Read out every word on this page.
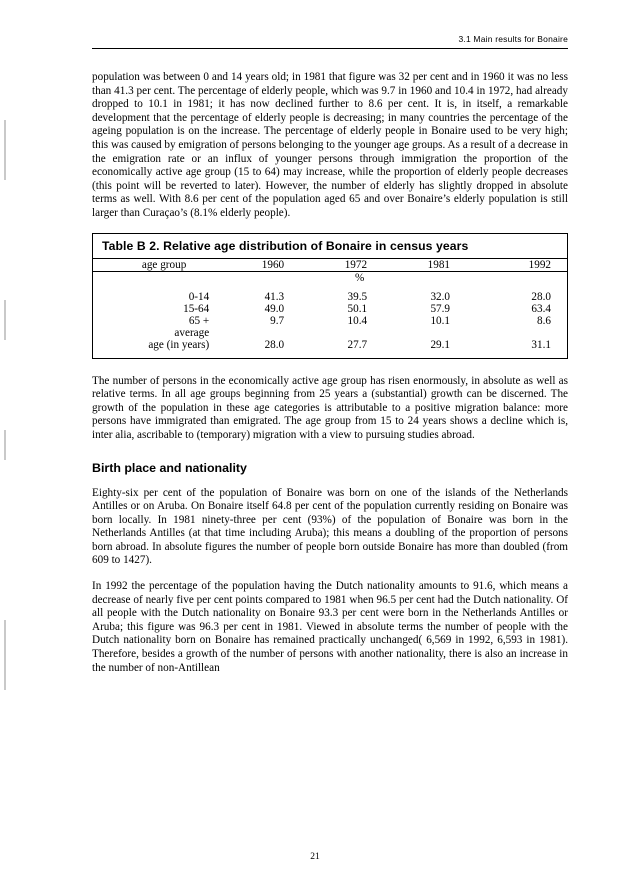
3.1 Main results for Bonaire

population was between 0 and 14 years old; in 1981 that figure was 32 per cent and in 1960 it was no less than 41.3 per cent. The percentage of elderly people, which was 9.7 in 1960 and 10.4 in 1972, had already dropped to 10.1 in 1981; it has now declined further to 8.6 per cent. It is, in itself, a remarkable development that the percentage of elderly people is decreasing; in many countries the percentage of the ageing population is on the increase. The percentage of elderly people in Bonaire used to be very high; this was caused by emigration of persons belonging to the younger age groups. As a result of a decrease in the emigration rate or an influx of younger persons through immigration the proportion of the economically active age group (15 to 64) may increase, while the proportion of elderly people decreases (this point will be reverted to later). However, the number of elderly has slightly dropped in absolute terms as well. With 8.6 per cent of the population aged 65 and over Bonaire’s elderly population is still larger than Curaçao’s (8.1% elderly people).

Table B 2. Relative age distribution of Bonaire in census years
age group	1960	1972	1981	1992
	%			

0-14	41.3	39.5	32.0	28.0
15-64	49.0	50.1	57.9	63.4
65 +	9.7	10.4	10.1	8.6
average				
age (in years)	28.0	27.7	29.1	31.1

The number of persons in the economically active age group has risen enormously, in absolute as well as relative terms. In all age groups beginning from 25 years a (substantial) growth can be discerned. The growth of the population in these age categories is attributable to a positive migration balance: more persons have immigrated than emigrated. The age group from 15 to 24 years shows a decline which is, inter alia, ascribable to (temporary) migration with a view to pursuing studies abroad.

Birth place and nationality

Eighty-six per cent of the population of Bonaire was born on one of the islands of the Netherlands Antilles or on Aruba. On Bonaire itself 64.8 per cent of the population currently residing on Bonaire was born locally. In 1981 ninety-three per cent (93%) of the population of Bonaire was born in the Netherlands Antilles (at that time including Aruba); this means a doubling of the proportion of persons born abroad. In absolute figures the number of people born outside Bonaire has more than doubled (from 609 to 1427).

In 1992 the percentage of the population having the Dutch nationality amounts to 91.6, which means a decrease of nearly five per cent points compared to 1981 when 96.5 per cent had the Dutch nationality. Of all people with the Dutch nationality on Bonaire 93.3 per cent were born in the Netherlands Antilles or Aruba; this figure was 96.3 per cent in 1981. Viewed in absolute terms the number of people with the Dutch nationality born on Bonaire has remained practically unchanged( 6,569 in 1992, 6,593 in 1981). Therefore, besides a growth of the number of persons with another nationality, there is also an increase in the number of non-Antillean

21
